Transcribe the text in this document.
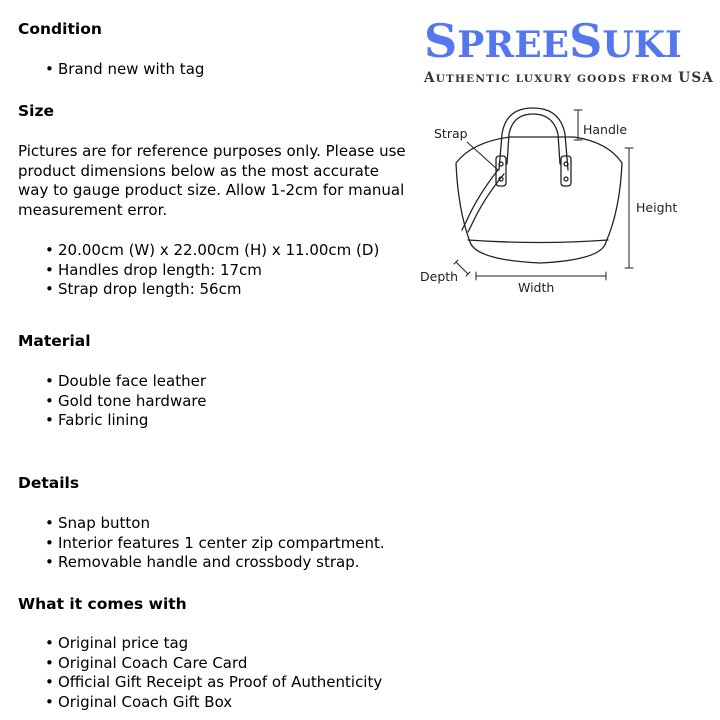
Condition
• Brand new with tag
Size

Pictures are for reference purposes only. Please use product dimensions below as the most accurate way to gauge product size. Allow 1-2cm for manual measurement error.

• 20.00cm (W) x 22.00cm (H) x 11.00cm (D)
• Handles drop length: 17cm
• Strap drop length: 56cm
Material
• Double face leather
• Gold tone hardware
• Fabric lining
Details
• Snap button
• Interior features 1 center zip compartment.
• Removable handle and crossbody strap.
What it comes with
• Original price tag
• Original Coach Care Card
• Official Gift Receipt as Proof of Authenticity
• Original Coach Gift Box
SPREESUKI
AUTHENTIC LUXURY GOODS FROM USA
Strap	Handle
Height
Depth
Width
